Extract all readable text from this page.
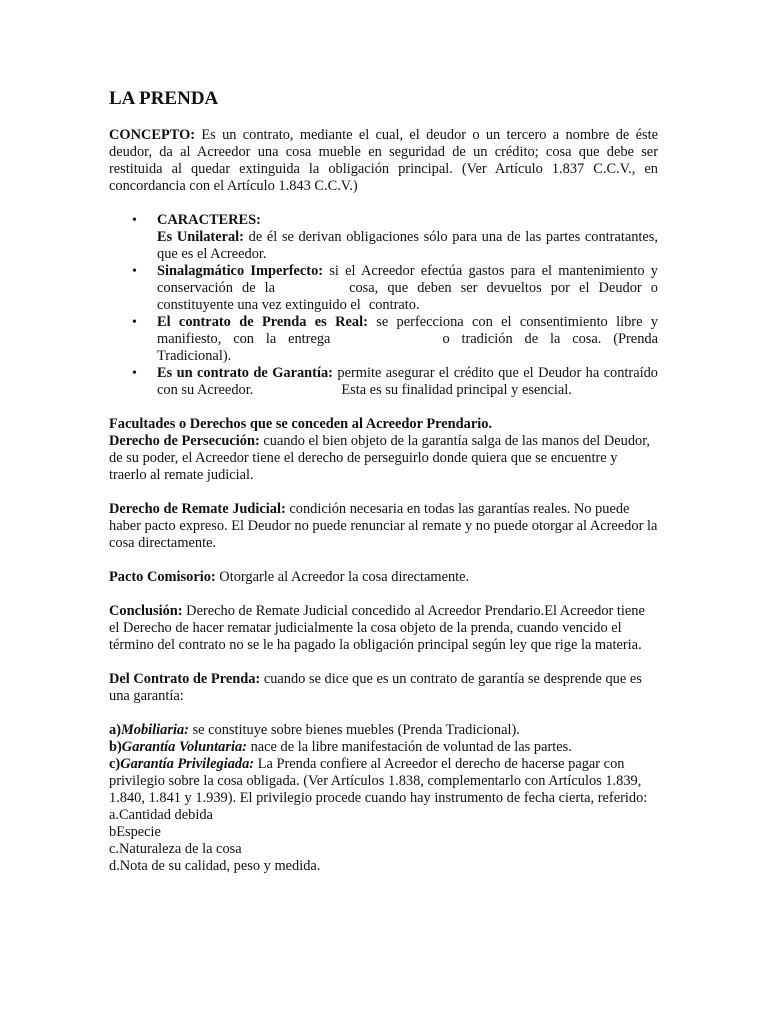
LA PRENDA

CONCEPTO: Es un contrato, mediante el cual, el deudor o un tercero a nombre de éste deudor, da al Acreedor una cosa mueble en seguridad de un crédito; cosa que debe ser restituida al quedar extinguida la obligación principal. (Ver Artículo 1.837 C.C.V., en concordancia con el Artículo 1.843 C.C.V.)

• CARACTERES:
Es Unilateral: de él se derivan obligaciones sólo para una de las partes contratantes, que es el Acreedor.
• Sinalagmático Imperfecto: si el Acreedor efectúa gastos para el mantenimiento y conservación de la	cosa, que deben ser devueltos por el Deudor o constituyente una vez extinguido el contrato.
• El contrato de Prenda es Real: se perfecciona con el consentimiento libre y manifiesto, con la entrega	o tradición de la cosa. (Prenda Tradicional).
• Es un contrato de Garantía: permite asegurar el crédito que el Deudor ha contraído con su Acreedor.	Esta es su finalidad principal y esencial.

Facultades o Derechos que se conceden al Acreedor Prendario.

Derecho de Persecución: cuando el bien objeto de la garantía salga de las manos del Deudor, de su poder, el Acreedor tiene el derecho de perseguirlo donde quiera que se encuentre y traerlo al remate judicial.

Derecho de Remate Judicial: condición necesaria en todas las garantías reales. No puede haber pacto expreso. El Deudor no puede renunciar al remate y no puede otorgar al Acreedor la cosa directamente.

Pacto Comisorio: Otorgarle al Acreedor la cosa directamente.

Conclusión: Derecho de Remate Judicial concedido al Acreedor Prendario.El Acreedor tiene el Derecho de hacer rematar judicialmente la cosa objeto de la prenda, cuando vencido el término del contrato no se le ha pagado la obligación principal según ley que rige la materia.

Del Contrato de Prenda: cuando se dice que es un contrato de garantía se desprende que es una garantía:

a)Mobiliaria: se constituye sobre bienes muebles (Prenda Tradicional).

b)Garantía Voluntaria: nace de la libre manifestación de voluntad de las partes.

c)Garantía Privilegiada: La Prenda confiere al Acreedor el derecho de hacerse pagar con privilegio sobre la cosa obligada. (Ver Artículos 1.838, complementarlo con Artículos 1.839, 1.840, 1.841 y 1.939). El privilegio procede cuando hay instrumento de fecha cierta, referido:

a.Cantidad debida

bEspecie

c.Naturaleza de la cosa

d.Nota de su calidad, peso y medida.
